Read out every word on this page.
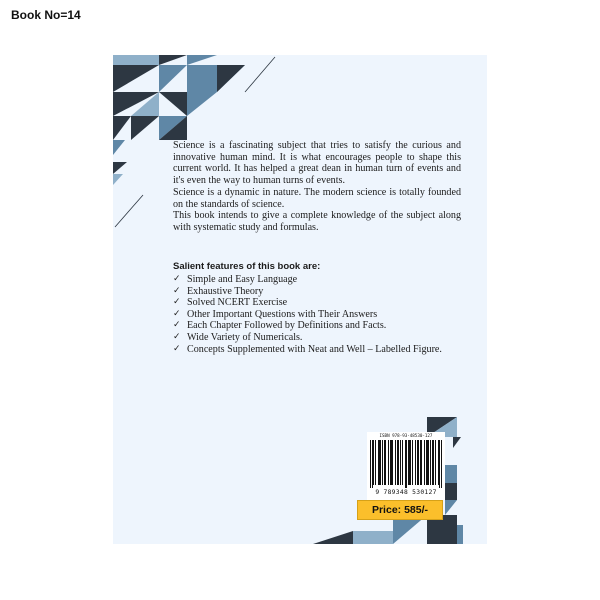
Book No=14

Science is a fascinating subject that tries to satisfy the curious and innovative human mind. It is what encourages people to shape this current world. It has helped a great dean in human turn of events and it's even the way to human turns of events.

Science is a dynamic in nature. The modern science is totally founded on the standards of science.

This book intends to give a complete knowledge of the subject along with systematic study and formulas.

Salient features of this book are:
✓ Simple and Easy Language
✓ Exhaustive Theory
✓ Solved NCERT Exercise
✓ Other Important Questions with Their Answers
✓ Each Chapter Followed by Definitions and Facts.
✓ Wide Variety of Numericals.
✓ Concepts Supplemented with Neat and Well – Labelled Figure.
ISBN 978-93-48530-127
9 789348 530127
Price: 585/-
